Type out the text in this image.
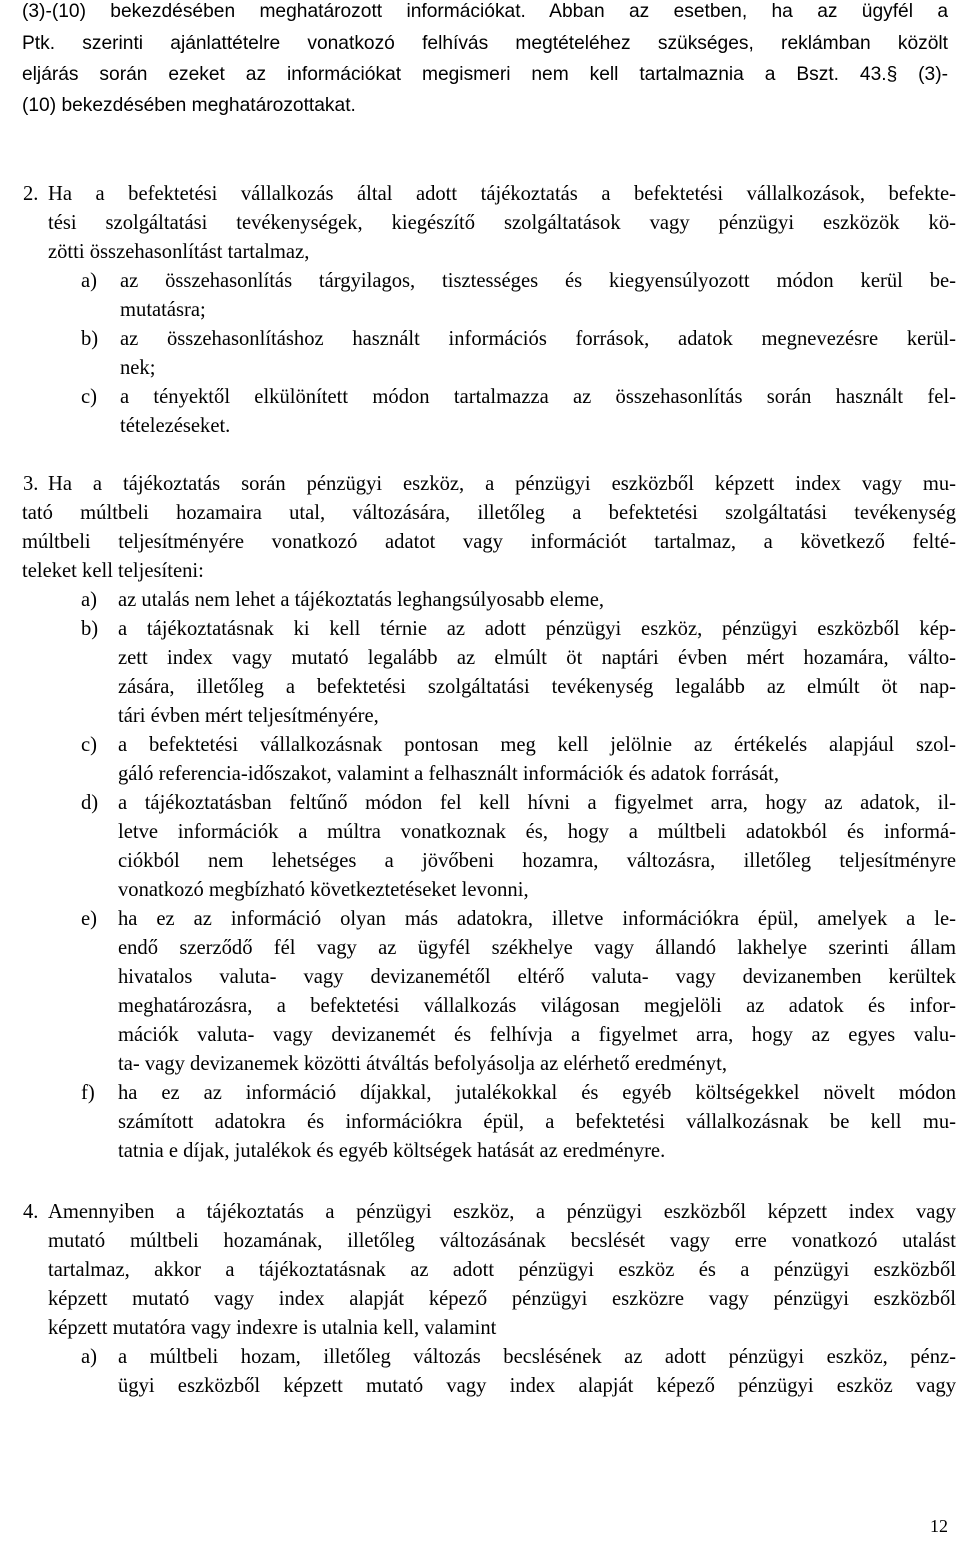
(3)-(10) bekezdésében meghatározott információkat. Abban az esetben, ha az ügyfél a
Ptk. szerinti ajánlattételre vonatkozó felhívás megtételéhez szükséges, reklámban közölt
eljárás során ezeket az információkat megismeri nem kell tartalmaznia a Bszt. 43.§ (3)-
(10) bekezdésében meghatározottakat.
2. Ha a befektetési vállalkozás által adott tájékoztatás a befektetési vállalkozások, befekte-
tési szolgáltatási tevékenységek, kiegészítő szolgáltatások vagy pénzügyi eszközök kö-
zötti összehasonlítást tartalmaz,
a) az összehasonlítás tárgyilagos, tisztességes és kiegyensúlyozott módon kerül be-
mutatásra;
b) az összehasonlításhoz használt információs források, adatok megnevezésre kerül-
nek;
c) a tényektől elkülönített módon tartalmazza az összehasonlítás során használt fel-
tételezéseket.
3. Ha a tájékoztatás során pénzügyi eszköz, a pénzügyi eszközből képzett index vagy mu-
tató múltbeli hozamaira utal, változására, illetőleg a befektetési szolgáltatási tevékenység
múltbeli teljesítményére vonatkozó adatot vagy információt tartalmaz, a következő felté-
teleket kell teljesíteni:
a) az utalás nem lehet a tájékoztatás leghangsúlyosabb eleme,
b) a tájékoztatásnak ki kell térnie az adott pénzügyi eszköz, pénzügyi eszközből kép-
zett index vagy mutató legalább az elmúlt öt naptári évben mért hozamára, válto-
zására, illetőleg a befektetési szolgáltatási tevékenység legalább az elmúlt öt nap-
tári évben mért teljesítményére,
c) a befektetési vállalkozásnak pontosan meg kell jelölnie az értékelés alapjául szol-
gáló referencia-időszakot, valamint a felhasznált információk és adatok forrását,
d) a tájékoztatásban feltűnő módon fel kell hívni a figyelmet arra, hogy az adatok, il-
letve információk a múltra vonatkoznak és, hogy a múltbeli adatokból és informá-
ciókból nem lehetséges a jövőbeni hozamra, változásra, illetőleg teljesítményre
vonatkozó megbízható következtetéseket levonni,
e) ha ez az információ olyan más adatokra, illetve információkra épül, amelyek a le-
endő szerződő fél vagy az ügyfél székhelye vagy állandó lakhelye szerinti állam
hivatalos valuta- vagy devizanemétől eltérő valuta- vagy devizanemben kerültek
meghatározásra, a befektetési vállalkozás világosan megjelöli az adatok és infor-
mációk valuta- vagy devizanemét és felhívja a figyelmet arra, hogy az egyes valu-
ta- vagy devizanemek közötti átváltás befolyásolja az elérhető eredményt,
f) ha ez az információ díjakkal, jutalékokkal és egyéb költségekkel növelt módon
számított adatokra és információkra épül, a befektetési vállalkozásnak be kell mu-
tatnia e díjak, jutalékok és egyéb költségek hatását az eredményre.
4. Amennyiben a tájékoztatás a pénzügyi eszköz, a pénzügyi eszközből képzett index vagy
mutató múltbeli hozamának, illetőleg változásának becslését vagy erre vonatkozó utalást
tartalmaz, akkor a tájékoztatásnak az adott pénzügyi eszköz és a pénzügyi eszközből
képzett mutató vagy index alapját képező pénzügyi eszközre vagy pénzügyi eszközből
képzett mutatóra vagy indexre is utalnia kell, valamint
a) a múltbeli hozam, illetőleg változás becslésének az adott pénzügyi eszköz, pénz-
ügyi eszközből képzett mutató vagy index alapját képező pénzügyi eszköz vagy
12
